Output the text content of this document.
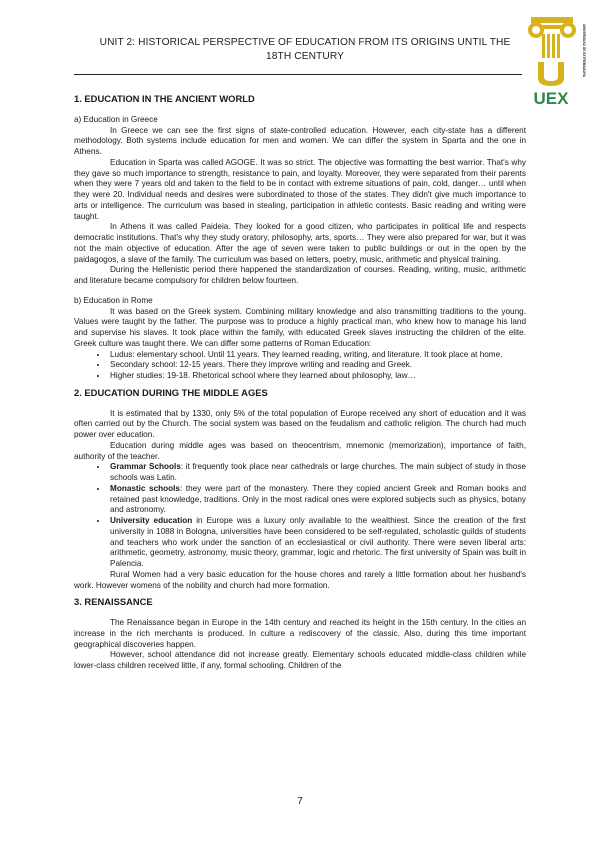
UNIT 2: HISTORICAL PERSPECTIVE OF EDUCATION FROM ITS ORIGINS UNTIL THE 18TH CENTURY
UEX
UNIVERSIDAD DE EXTREMADURA

1. EDUCATION IN THE ANCIENT WORLD

a) Education in Greece

In Greece we can see the first signs of state-controlled education. However, each city-state has a different methodology. Both systems include education for men and women. We can differ the system in Sparta and the one in Athens.

Education in Sparta was called AGOGE. It was so strict. The objective was formatting the best warrior. That's why they gave so much importance to strength, resistance to pain, and loyalty. Moreover, they were separated from their parents when they were 7 years old and taken to the field to be in contact with extreme situations of pain, cold, danger… until when they were 20. Individual needs and desires were subordinated to those of the states. They didn't give much importance to arts or intelligence. The curriculum was based in stealing, participation in athletic contests. Basic reading and writing were taught.

In Athens it was called Paideia. They looked for a good citizen, who participates in political life and respects democratic institutions. That's why they study oratory, philosophy, arts, sports… They were also prepared for war, but it was not the main objective of education. After the age of seven were taken to public buildings or out in the open by the paidagogos, a slave of the family. The curriculum was based on letters, poetry, music, arithmetic and physical training.

During the Hellenistic period there happened the standardization of courses. Reading, writing, music, arithmetic and literature became compulsory for children below fourteen.

b) Education in Rome

It was based on the Greek system. Combining military knowledge and also transmitting traditions to the young. Values were taught by the father. The purpose was to produce a highly practical man, who knew how to manage his land and supervise his slaves. It took place within the family, with educated Greek slaves instructing the children of the elite. Greek culture was taught there. We can differ some patterns of Roman Education:

• Ludus: elementary school. Until 11 years. They learned reading, writing, and literature. It took place at home.
• Secondary school: 12-15 years. There they improve writing and reading and Greek.
• Higher studies: 19-18. Rhetorical school where they learned about philosophy, law…

2. EDUCATION DURING THE MIDDLE AGES

It is estimated that by 1330, only 5% of the total population of Europe received any short of education and it was often carried out by the Church. The social system was based on the feudalism and catholic religion. The church had much power over education.

Education during middle ages was based on theocentrism, mnemonic (memorization), importance of faith, authority of the teacher.

• Grammar Schools: it frequently took place near cathedrals or large churches. The main subject of study in those schools was Latin.
• Monastic schools: they were part of the monastery. There they copied ancient Greek and Roman books and retained past knowledge, traditions. Only in the most radical ones were explored subjects such as physics, botany and astronomy.
• University education in Europe was a luxury only available to the wealthiest. Since the creation of the first university in 1088 in Bologna, universities have been considered to be self-regulated, scholastic guilds of students and teachers who work under the sanction of an ecclesiastical or civil authority. There were seven liberal arts: arithmetic, geometry, astronomy, music theory, grammar, logic and rhetoric. The first university of Spain was built in Palencia.

Rural Women had a very basic education for the house chores and rarely a little formation about her husband's work. However womens of the nobility and church had more formation.

3. RENAISSANCE

The Renaissance began in Europe in the 14th century and reached its height in the 15th century. In the cities an increase in the rich merchants is produced. In culture a rediscovery of the classic. Also, during this time important geographical discoveries happen.

However, school attendance did not increase greatly. Elementary schools educated middle-class children while lower-class children received little, if any, formal schooling. Children of the

7
